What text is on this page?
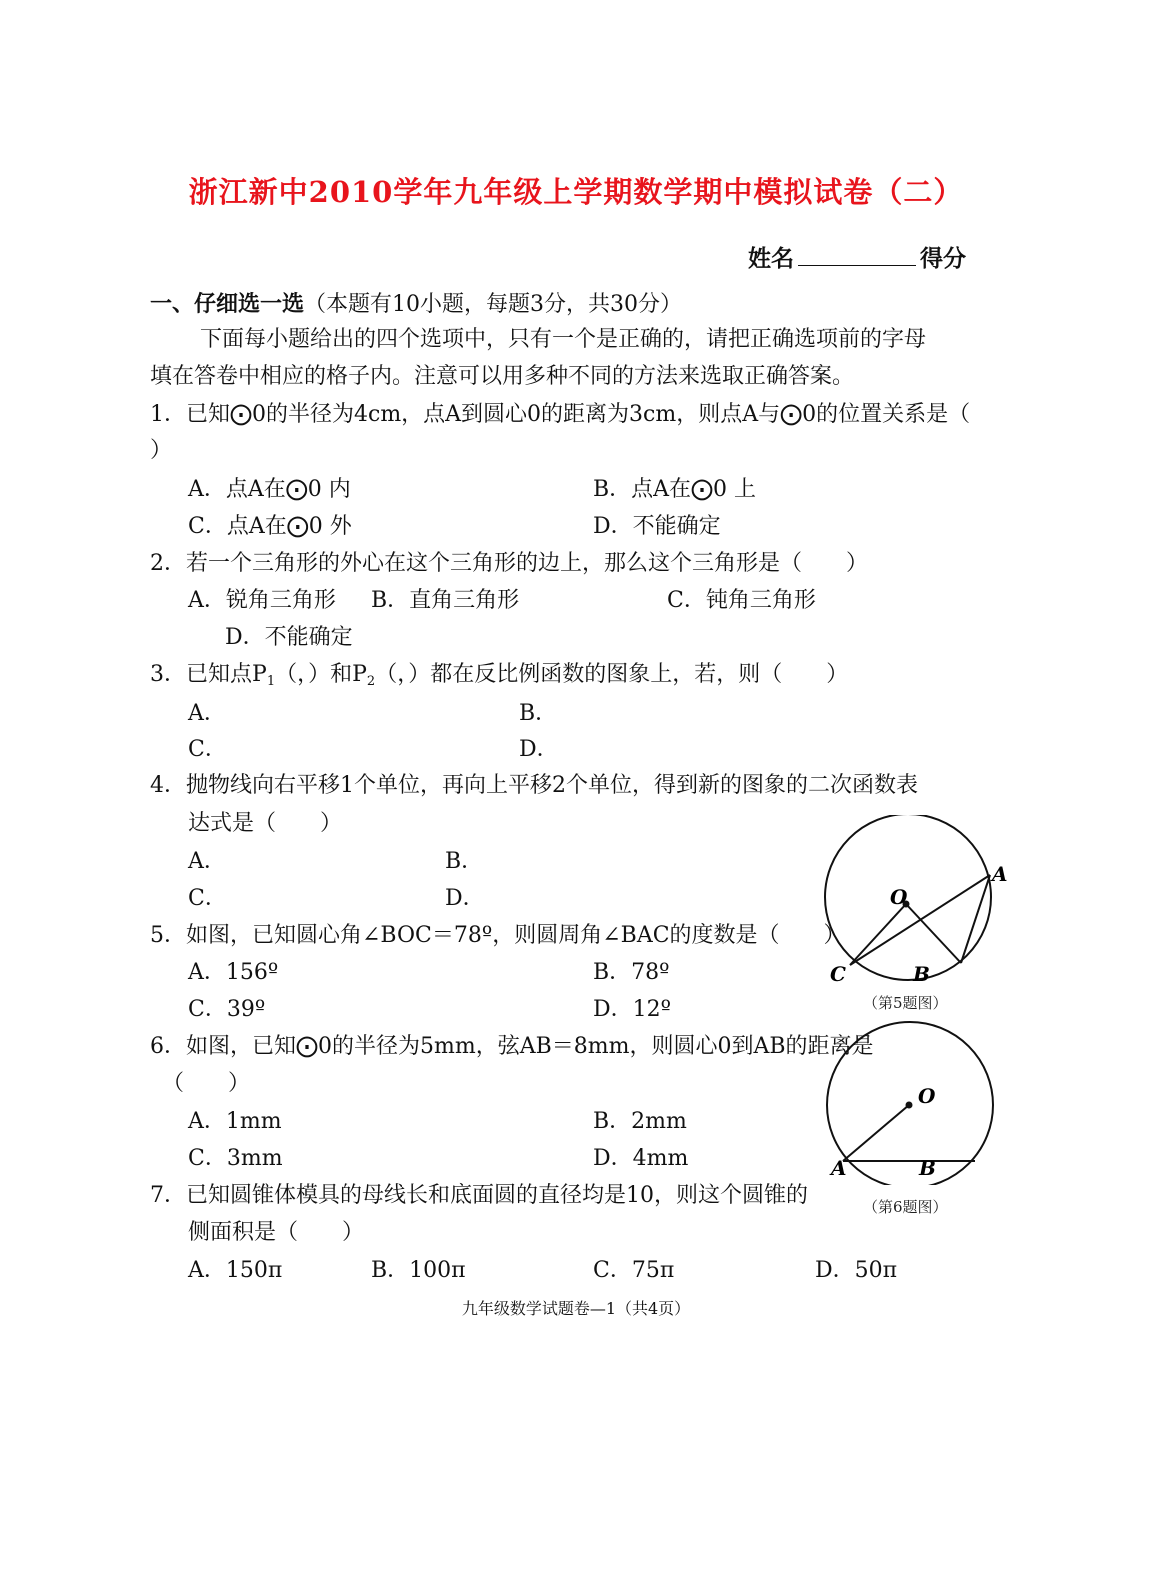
浙江新中2010学年九年级上学期数学期中模拟试卷（二）
姓名	得分
一、仔细选一选（本题有10小题，每题3分，共30分）
下面每小题给出的四个选项中，只有一个是正确的，请把正确选项前的字母
填在答卷中相应的格子内。注意可以用多种不同的方法来选取正确答案。
1．已知⨀0的半径为4cm，点A到圆心0的距离为3cm，则点A与⨀0的位置关系是（
）
A．点A在⨀0 内	B．点A在⨀0 上
C．点A在⨀0 外	D．不能确定
2．若一个三角形的外心在这个三角形的边上，那么这个三角形是（　　）
A．锐角三角形 B．直角三角形	C．钝角三角形
D．不能确定
3．已知点$P_1$（，）和$P_2$（，）都在反比例函数的图象上，若，则（　　）
A．	B．
C．	D．
4．抛物线向右平移1个单位，再向上平移2个单位，得到新的图象的二次函数表
达式是（　　）
A．	B．
C．	D．
5．如图，已知圆心角∠BOC＝78º，则圆周角∠BAC的度数是（　　）
A．156º	B．78º
C．39º	D．12º
O
A
B
C
（第5题图）
6．如图，已知⨀0的半径为5mm，弦AB＝8mm，则圆心0到AB的距离是
（　　）
A．1mm	B．2mm
C．3mm	D．4mm
O
A	B
（第6题图）
7．已知圆锥体模具的母线长和底面圆的直径均是10，则这个圆锥的
侧面积是（　　）
A．150π	B．100π	C．75π	D．50π
九年级数学试题卷—1（共4页）
